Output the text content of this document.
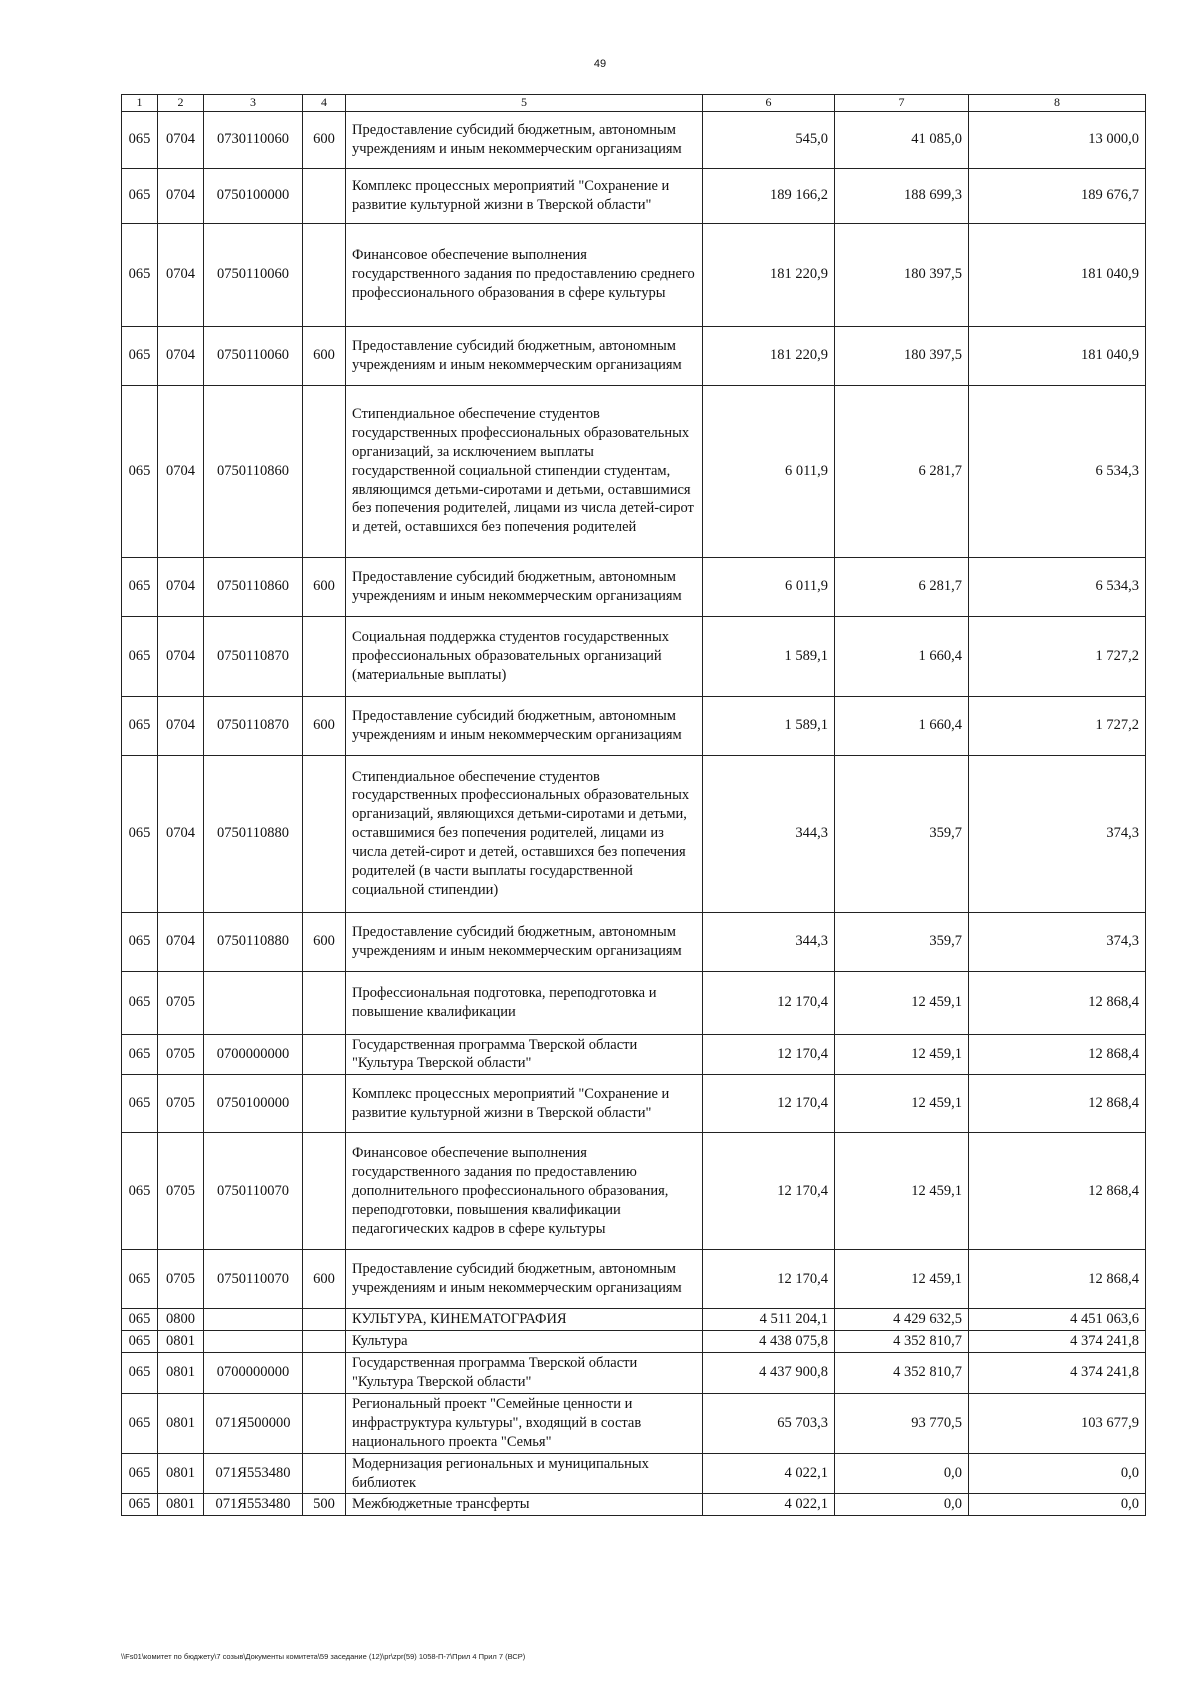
49
1	2	3	4	5	6	7	8
065	0704	0730110060	600	Предоставление субсидий бюджетным, автономным учреждениям и иным некоммерческим организациям	545,0	41 085,0	13 000,0
065	0704	0750100000		Комплекс процессных мероприятий "Сохранение и развитие культурной жизни в Тверской области"	189 166,2	188 699,3	189 676,7
065	0704	0750110060		Финансовое обеспечение выполнения государственного задания по предоставлению среднего профессионального образования в сфере культуры	181 220,9	180 397,5	181 040,9
065	0704	0750110060	600	Предоставление субсидий бюджетным, автономным учреждениям и иным некоммерческим организациям	181 220,9	180 397,5	181 040,9
065	0704	0750110860		Стипендиальное обеспечение студентов государственных профессиональных образовательных организаций, за исключением выплаты государственной социальной стипендии студентам, являющимся детьми-сиротами и детьми, оставшимися без попечения родителей, лицами из числа детей-сирот и детей, оставшихся без попечения родителей	6 011,9	6 281,7	6 534,3
065	0704	0750110860	600	Предоставление субсидий бюджетным, автономным учреждениям и иным некоммерческим организациям	6 011,9	6 281,7	6 534,3
065	0704	0750110870		Социальная поддержка студентов государственных профессиональных образовательных организаций (материальные выплаты)	1 589,1	1 660,4	1 727,2
065	0704	0750110870	600	Предоставление субсидий бюджетным, автономным учреждениям и иным некоммерческим организациям	1 589,1	1 660,4	1 727,2
065	0704	0750110880		Стипендиальное обеспечение студентов государственных профессиональных образовательных организаций, являющихся детьми-сиротами и детьми, оставшимися без попечения родителей, лицами из числа детей-сирот и детей, оставшихся без попечения родителей (в части выплаты государственной социальной стипендии)	344,3	359,7	374,3
065	0704	0750110880	600	Предоставление субсидий бюджетным, автономным учреждениям и иным некоммерческим организациям	344,3	359,7	374,3
065	0705			Профессиональная подготовка, переподготовка и повышение квалификации	12 170,4	12 459,1	12 868,4
065	0705	0700000000		Государственная программа Тверской области "Культура Тверской области"	12 170,4	12 459,1	12 868,4
065	0705	0750100000		Комплекс процессных мероприятий "Сохранение и развитие культурной жизни в Тверской области"	12 170,4	12 459,1	12 868,4
065	0705	0750110070		Финансовое обеспечение выполнения государственного задания по предоставлению дополнительного профессионального образования, переподготовки, повышения квалификации педагогических кадров в сфере культуры	12 170,4	12 459,1	12 868,4
065	0705	0750110070	600	Предоставление субсидий бюджетным, автономным учреждениям и иным некоммерческим организациям	12 170,4	12 459,1	12 868,4
065	0800			КУЛЬТУРА, КИНЕМАТОГРАФИЯ	4 511 204,1	4 429 632,5	4 451 063,6
065	0801			Культура	4 438 075,8	4 352 810,7	4 374 241,8
065	0801	0700000000		Государственная программа Тверской области "Культура Тверской области"	4 437 900,8	4 352 810,7	4 374 241,8
065	0801	071Я500000		Региональный проект "Семейные ценности и инфраструктура культуры", входящий в состав национального проекта "Семья"	65 703,3	93 770,5	103 677,9
065	0801	071Я553480		Модернизация региональных и муниципальных библиотек	4 022,1	0,0	0,0
065	0801	071Я553480	500	Межбюджетные трансферты	4 022,1	0,0	0,0
\\Fs01\комитет по бюджету\7 созыв\Документы комитета\59 заседание (12)\pr\zpr(59) 1058-П-7\Прил 4 Прил 7 (ВСР)
